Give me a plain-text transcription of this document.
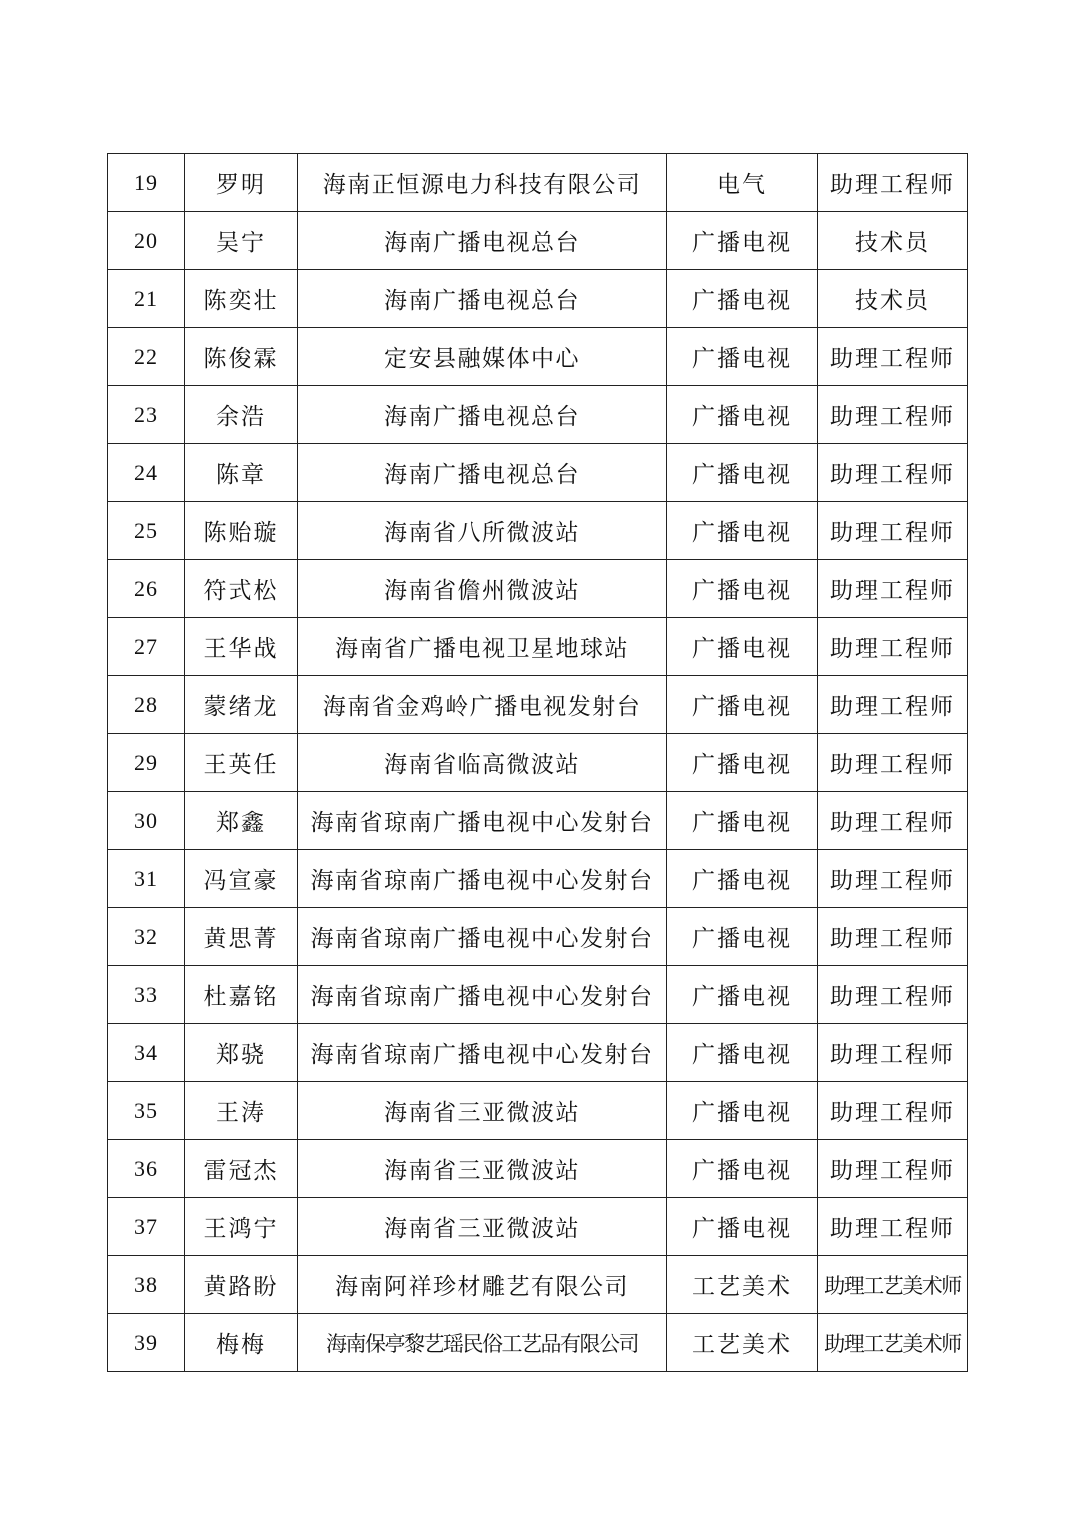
19	罗明	海南正恒源电力科技有限公司	电气	助理工程师
20	吴宁	海南广播电视总台	广播电视	技术员
21	陈奕壮	海南广播电视总台	广播电视	技术员
22	陈俊霖	定安县融媒体中心	广播电视	助理工程师
23	余浩	海南广播电视总台	广播电视	助理工程师
24	陈章	海南广播电视总台	广播电视	助理工程师
25	陈贻璇	海南省八所微波站	广播电视	助理工程师
26	符式松	海南省儋州微波站	广播电视	助理工程师
27	王华战	海南省广播电视卫星地球站	广播电视	助理工程师
28	蒙绪龙	海南省金鸡岭广播电视发射台	广播电视	助理工程师
29	王英任	海南省临高微波站	广播电视	助理工程师
30	郑鑫	海南省琼南广播电视中心发射台	广播电视	助理工程师
31	冯宣豪	海南省琼南广播电视中心发射台	广播电视	助理工程师
32	黄思菁	海南省琼南广播电视中心发射台	广播电视	助理工程师
33	杜嘉铭	海南省琼南广播电视中心发射台	广播电视	助理工程师
34	郑骁	海南省琼南广播电视中心发射台	广播电视	助理工程师
35	王涛	海南省三亚微波站	广播电视	助理工程师
36	雷冠杰	海南省三亚微波站	广播电视	助理工程师
37	王鸿宁	海南省三亚微波站	广播电视	助理工程师
38	黄路盼	海南阿祥珍材雕艺有限公司	工艺美术	助理工艺美术师
39	梅梅	海南保亭黎艺瑶民俗工艺品有限公司	工艺美术	助理工艺美术师
